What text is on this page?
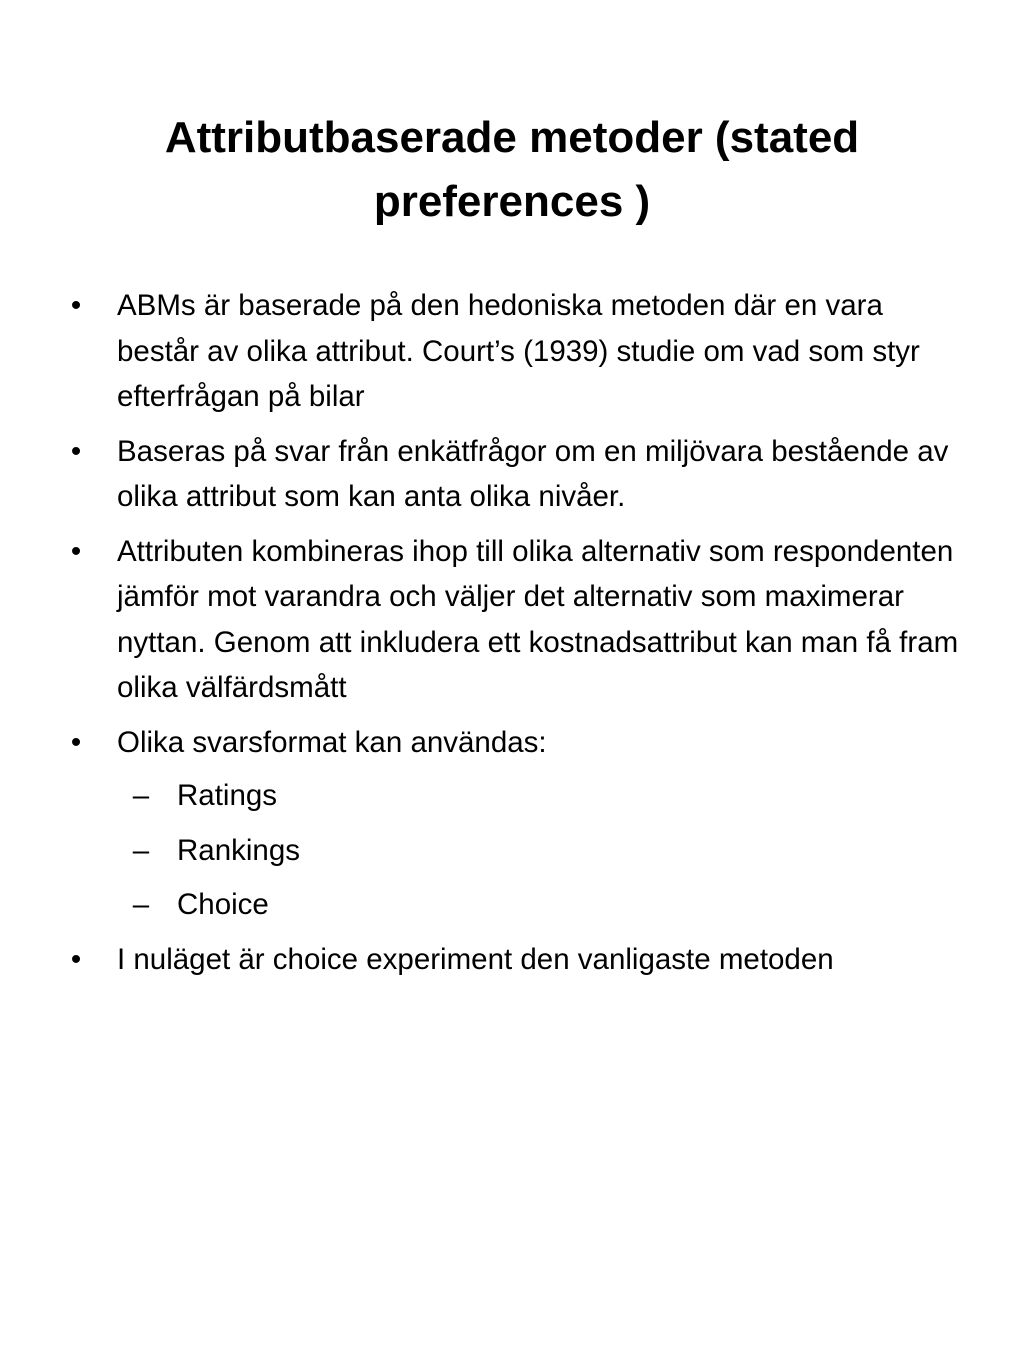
Attributbaserade metoder (stated preferences )
• ABMs är baserade på den hedoniska metoden där en vara består av olika attribut. Court’s (1939) studie om vad som styr efterfrågan på bilar
• Baseras på svar från enkätfrågor om en miljövara bestående av olika attribut som kan anta olika nivåer.
• Attributen kombineras ihop till olika alternativ som respondenten jämför mot varandra och väljer det alternativ som maximerar nyttan. Genom att inkludera ett kostnadsattribut kan man få fram olika välfärdsmått
• Olika svarsformat kan användas:
– Ratings
– Rankings
– Choice
• I nuläget är choice experiment den vanligaste metoden
